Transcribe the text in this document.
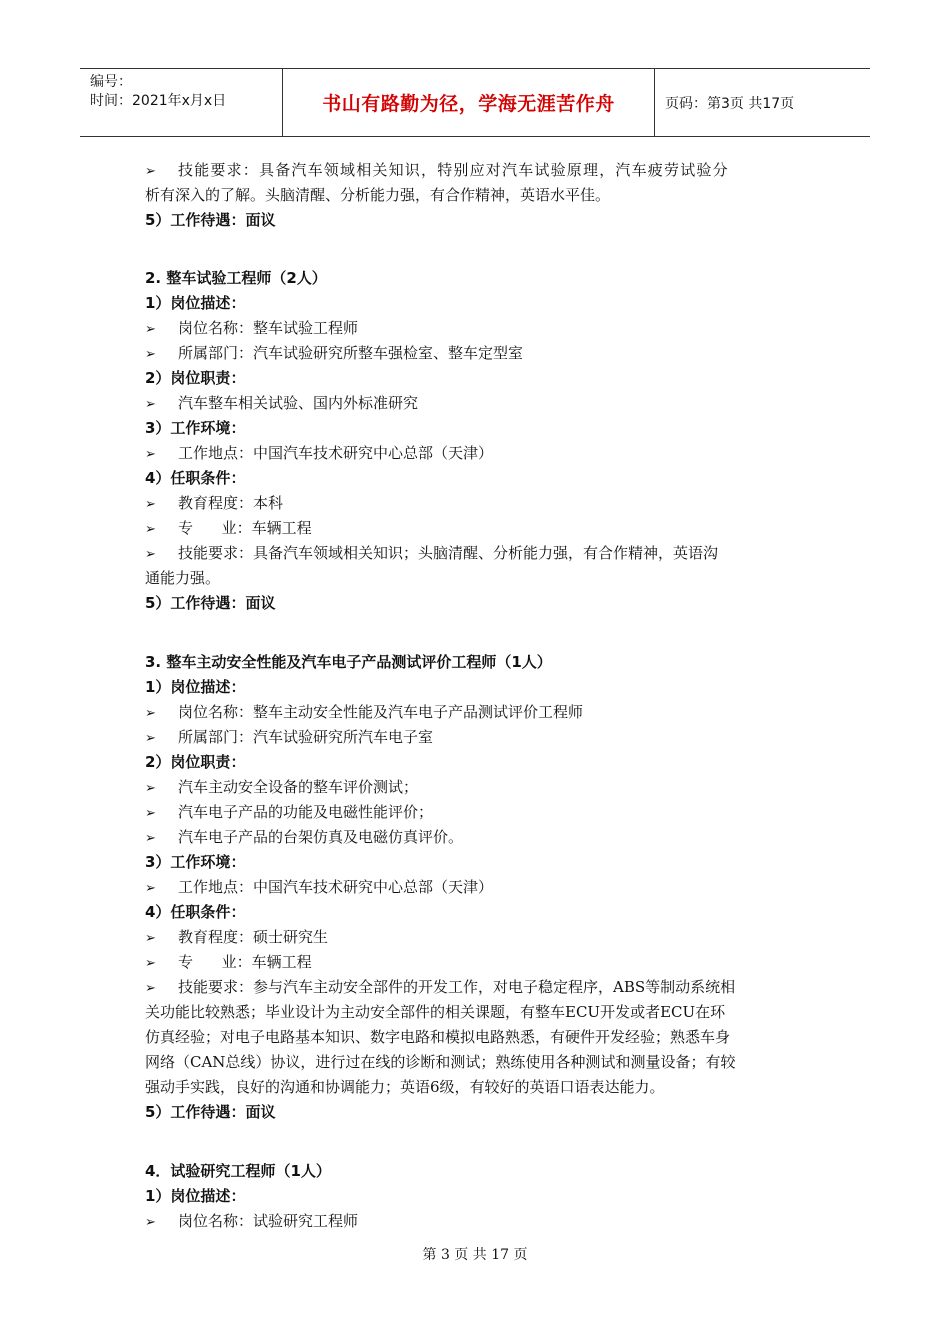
编号：
时间：2021年x月x日	书山有路勤为径，学海无涯苦作舟	页码：第3页 共17页
➢ 技能要求：具备汽车领域相关知识，特别应对汽车试验原理，汽车疲劳试验分
析有深入的了解。头脑清醒、分析能力强，有合作精神，英语水平佳。
5）工作待遇：面议
2. 整车试验工程师（2人）
1）岗位描述：
➢ 岗位名称：整车试验工程师
➢ 所属部门：汽车试验研究所整车强检室、整车定型室
2）岗位职责：
➢ 汽车整车相关试验、国内外标准研究
3）工作环境：
➢ 工作地点：中国汽车技术研究中心总部（天津）
4）任职条件：
➢ 教育程度：本科
➢ 专      业：车辆工程
➢ 技能要求：具备汽车领域相关知识；头脑清醒、分析能力强，有合作精神，英语沟
通能力强。
5）工作待遇：面议
3. 整车主动安全性能及汽车电子产品测试评价工程师（1人）
1）岗位描述：
➢ 岗位名称：整车主动安全性能及汽车电子产品测试评价工程师
➢ 所属部门：汽车试验研究所汽车电子室
2）岗位职责：
➢ 汽车主动安全设备的整车评价测试；
➢ 汽车电子产品的功能及电磁性能评价；
➢ 汽车电子产品的台架仿真及电磁仿真评价。
3）工作环境：
➢ 工作地点：中国汽车技术研究中心总部（天津）
4）任职条件：
➢ 教育程度：硕士研究生
➢ 专      业：车辆工程
➢ 技能要求：参与汽车主动安全部件的开发工作，对电子稳定程序，ABS等制动系统相
关功能比较熟悉；毕业设计为主动安全部件的相关课题，有整车ECU开发或者ECU在环
仿真经验；对电子电路基本知识、数字电路和模拟电路熟悉，有硬件开发经验；熟悉车身
网络（CAN总线）协议，进行过在线的诊断和测试；熟练使用各种测试和测量设备；有较
强动手实践，良好的沟通和协调能力；英语6级，有较好的英语口语表达能力。
5）工作待遇：面议
4．试验研究工程师（1人）
1）岗位描述：
➢ 岗位名称：试验研究工程师
第 3 页 共 17 页
